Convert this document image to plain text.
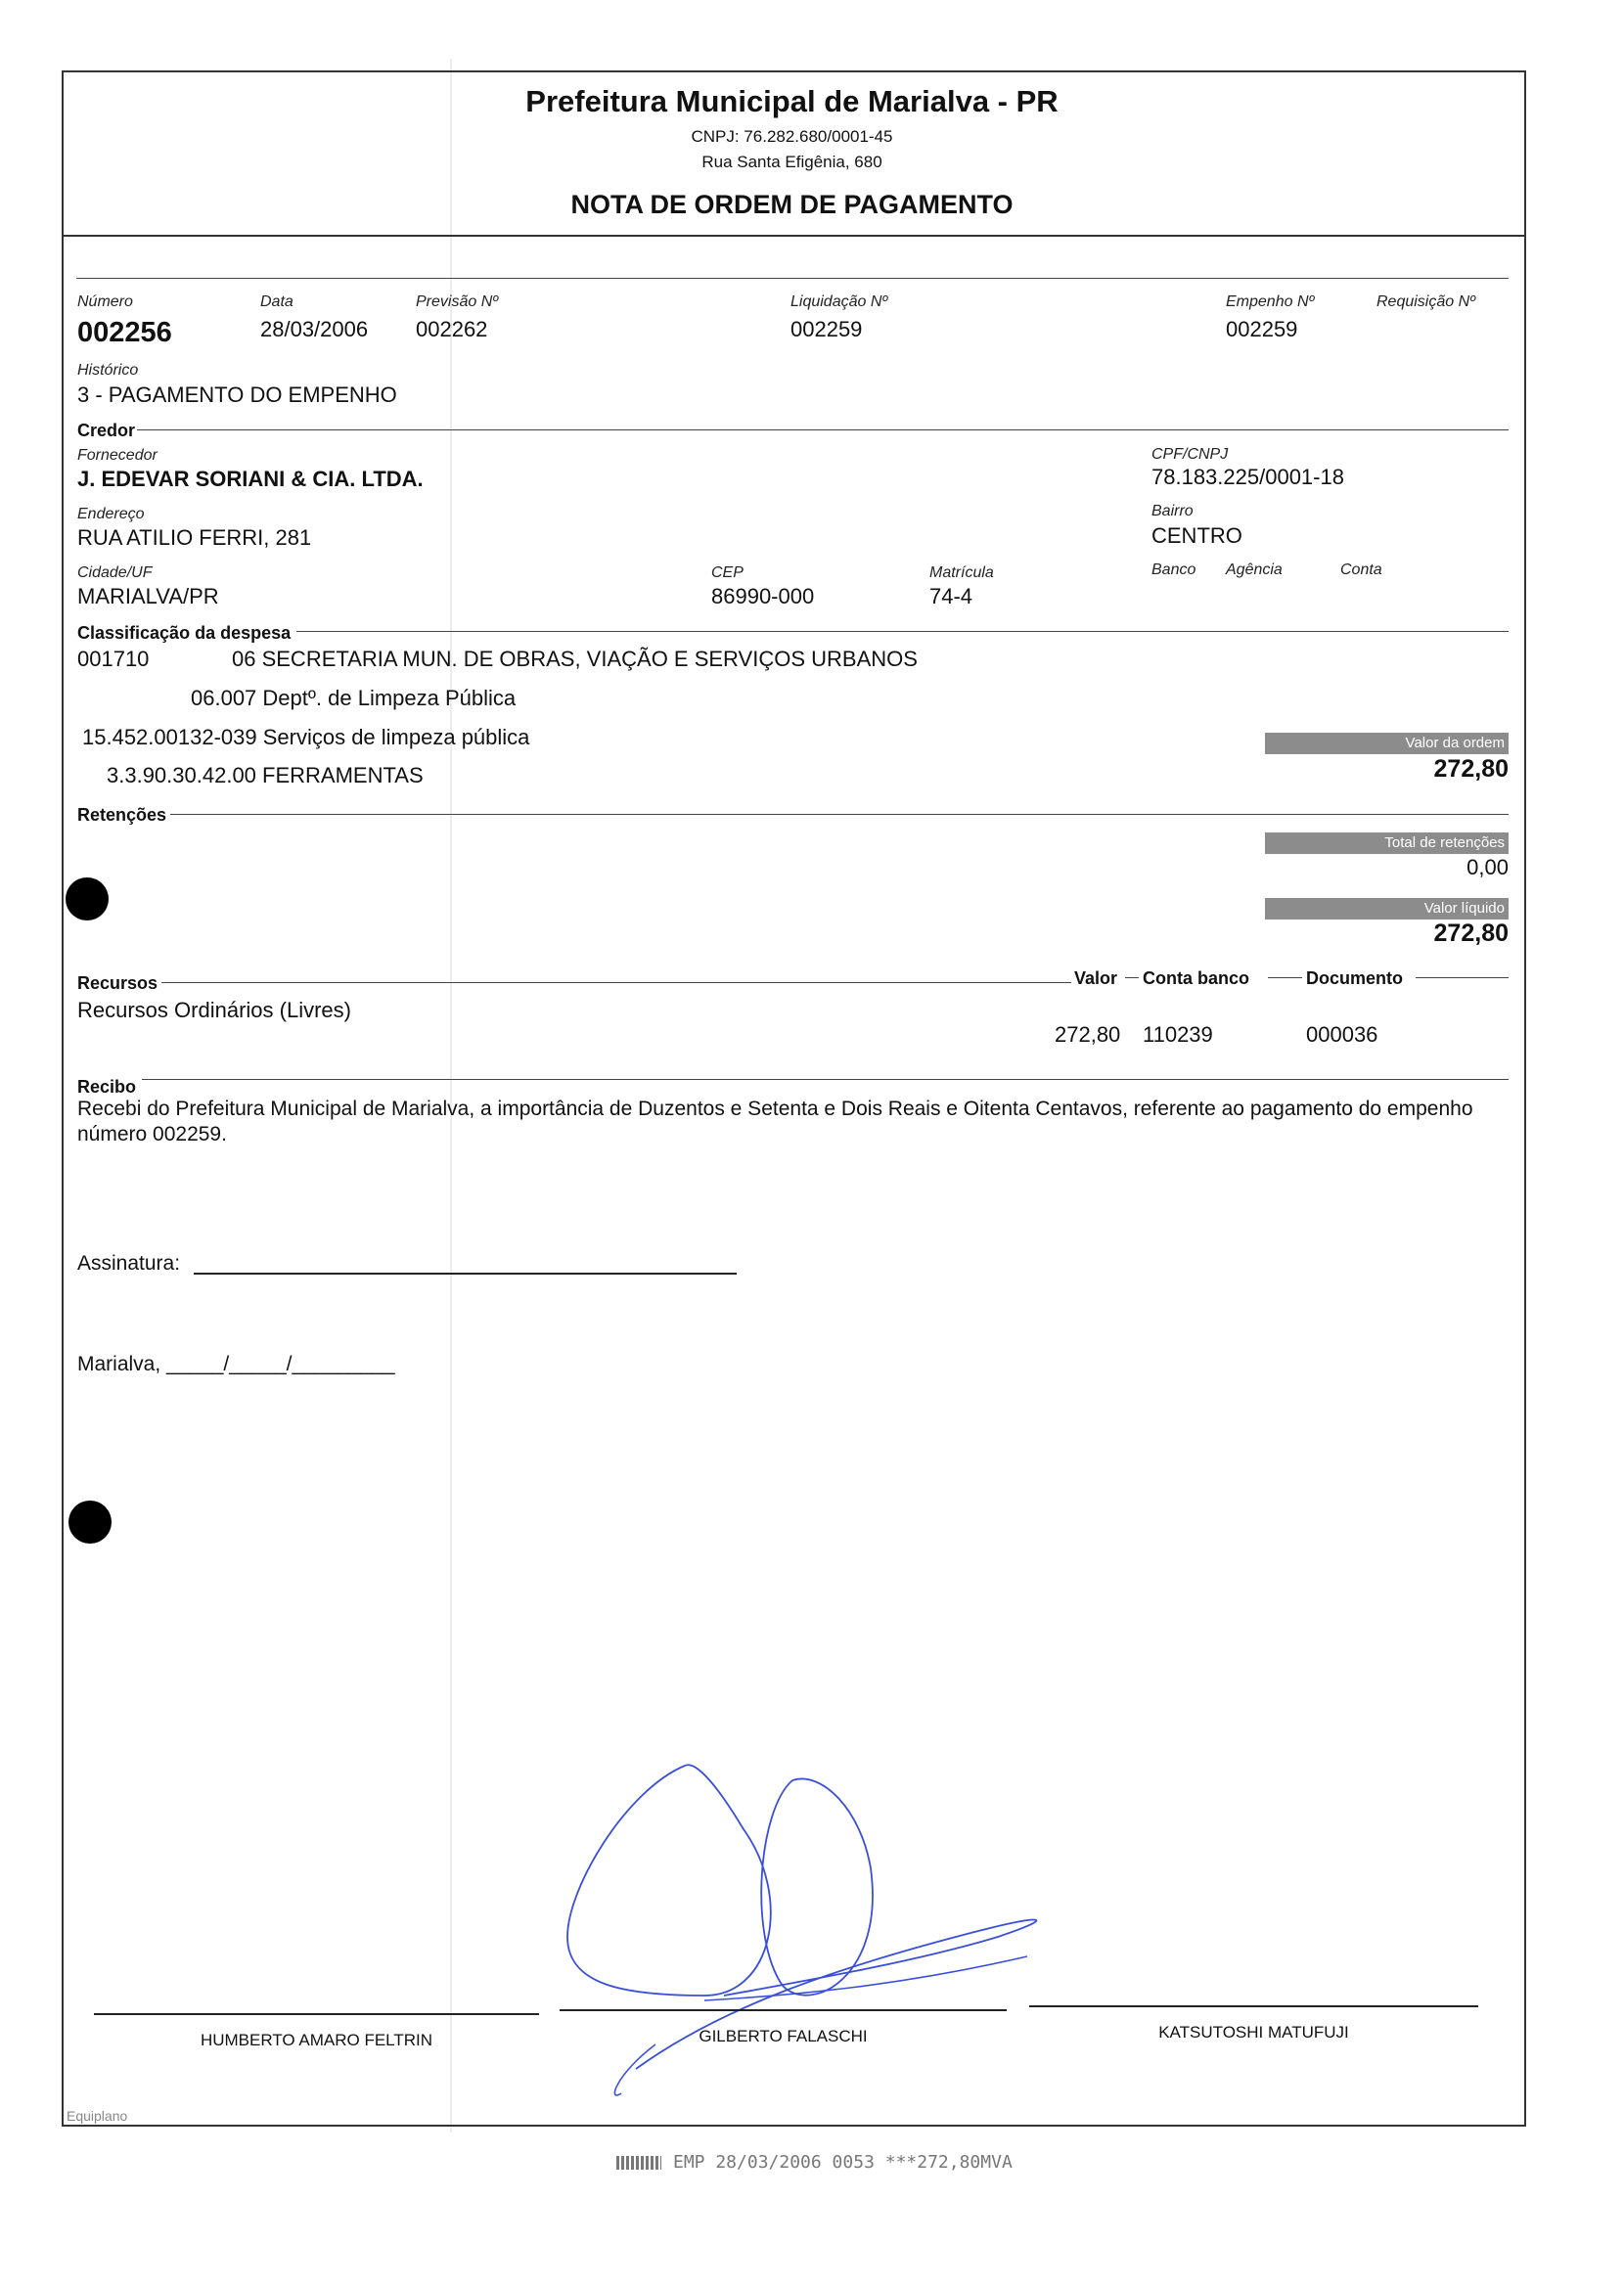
Prefeitura Municipal de Marialva - PR
CNPJ: 76.282.680/0001-45
Rua Santa Efigênia, 680
NOTA DE ORDEM DE PAGAMENTO
Número
002256
Data
28/03/2006
Previsão Nº
002262
Liquidação Nº
002259
Empenho Nº
002259
Requisição Nº
Histórico
3 - PAGAMENTO DO EMPENHO
Credor
Fornecedor
J. EDEVAR SORIANI & CIA. LTDA.
CPF/CNPJ
78.183.225/0001-18
Endereço
RUA ATILIO FERRI, 281
Bairro
CENTRO
Cidade/UF
MARIALVA/PR
CEP
86990-000
Matrícula
74-4
Banco Agência	Conta
Classificação da despesa
001710	06 SECRETARIA MUN. DE OBRAS, VIAÇÃO E SERVIÇOS URBANOS
06.007 Deptº. de Limpeza Pública
15.452.00132-039 Serviços de limpeza pública
3.3.90.30.42.00 FERRAMENTAS
Valor da ordem
272,80
Retenções
Total de retenções
0,00
Valor líquido
272,80
Recursos	Valor Conta banco	Documento
Recursos Ordinários (Livres)
272,80 110239	000036
Recibo
Recebi do Prefeitura Municipal de Marialva, a importância de Duzentos e Setenta e Dois Reais e Oitenta Centavos, referente ao pagamento do empenho número 002259.
Assinatura:
Marialva, _____/_____/_________
HUMBERTO AMARO FELTRIN	GILBERTO FALASCHI	KATSUTOSHI MATUFUJI
Equiplano
EMP 28/03/2006 0053 ***272,80MVA
